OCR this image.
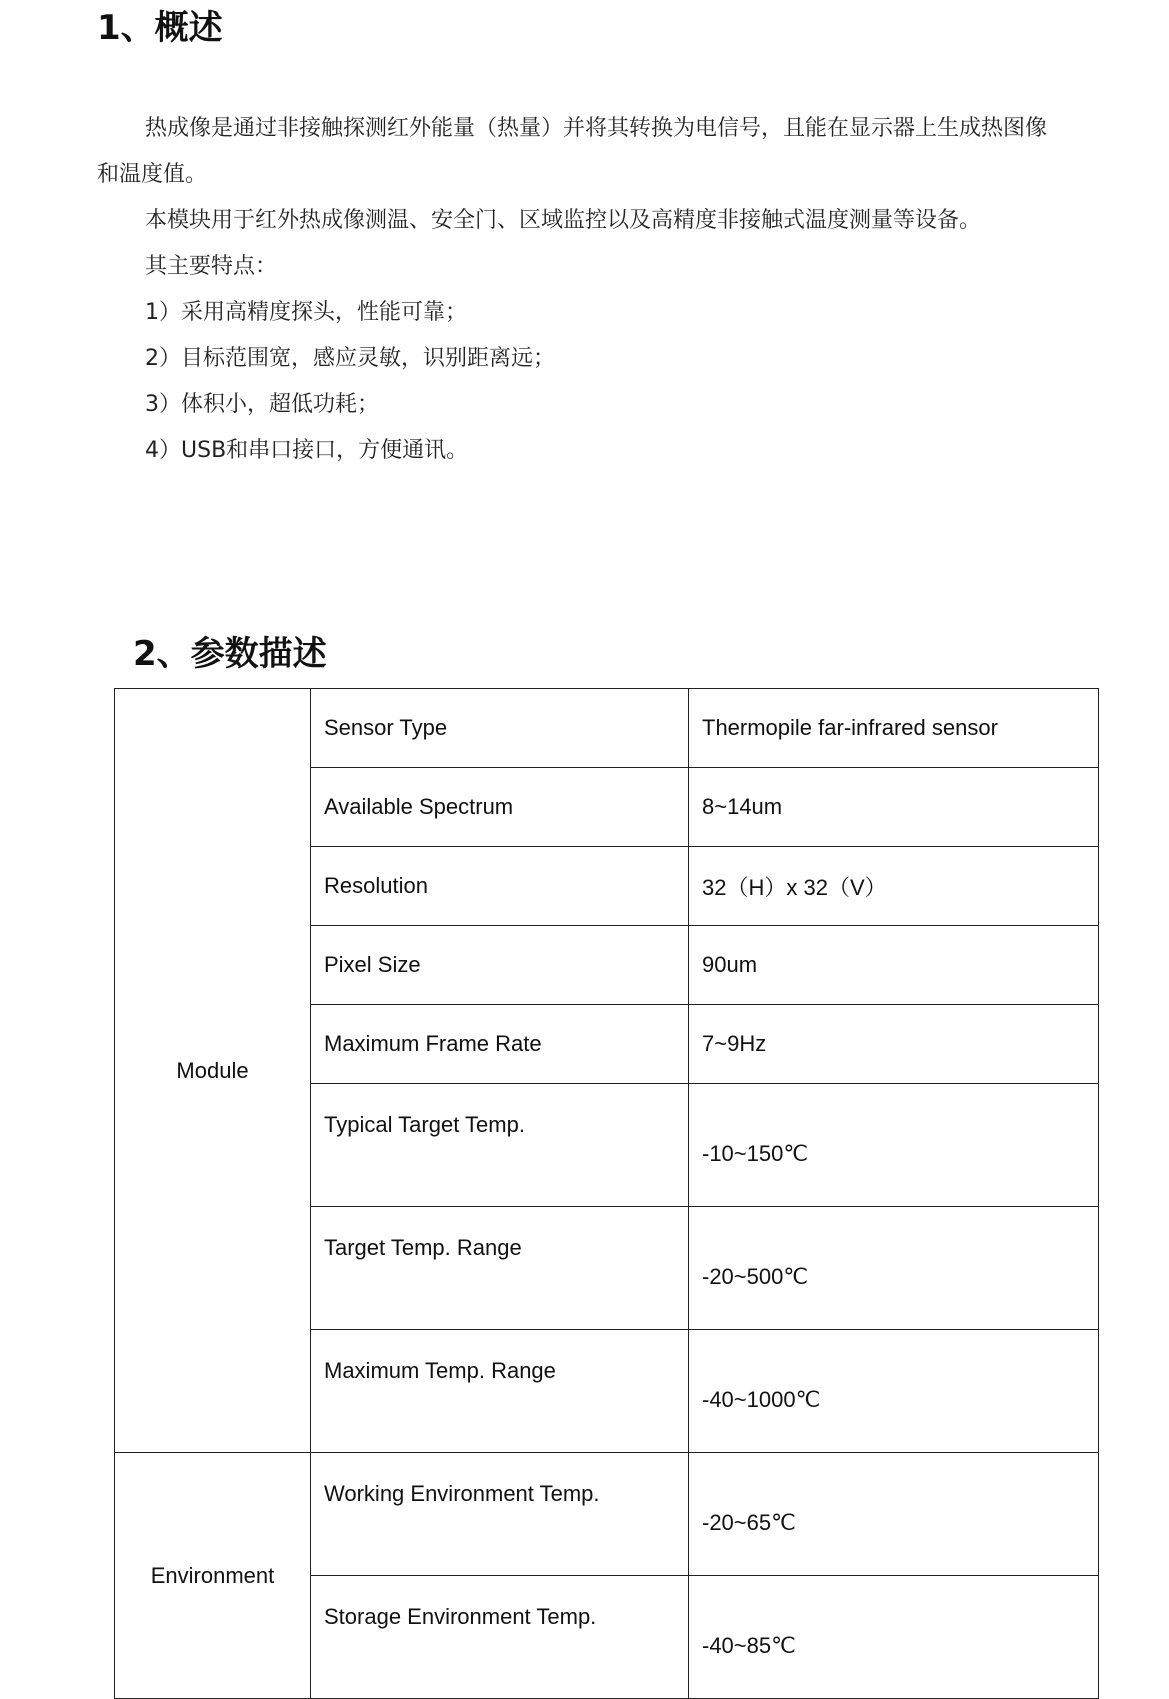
1、概述

热成像是通过非接触探测红外能量（热量）并将其转换为电信号，且能在显示器上生成热图像和温度值。

本模块用于红外热成像测温、安全门、区域监控以及高精度非接触式温度测量等设备。

其主要特点：

1）采用高精度探头，性能可靠；

2）目标范围宽，感应灵敏，识别距离远；

3）体积小，超低功耗；

4）USB和串口接口，方便通讯。

2、参数描述
Module	Sensor Type	Thermopile far-infrared sensor
	Available Spectrum	8~14um
	Resolution	32（H）x 32（V）
	Pixel Size	90um
	Maximum Frame Rate	7~9Hz
	Typical Target Temp.	-10~150℃
	Target Temp. Range	-20~500℃
	Maximum Temp. Range	-40~1000℃
Environment	Working Environment Temp.	-20~65℃
	Storage Environment Temp.	-40~85℃
